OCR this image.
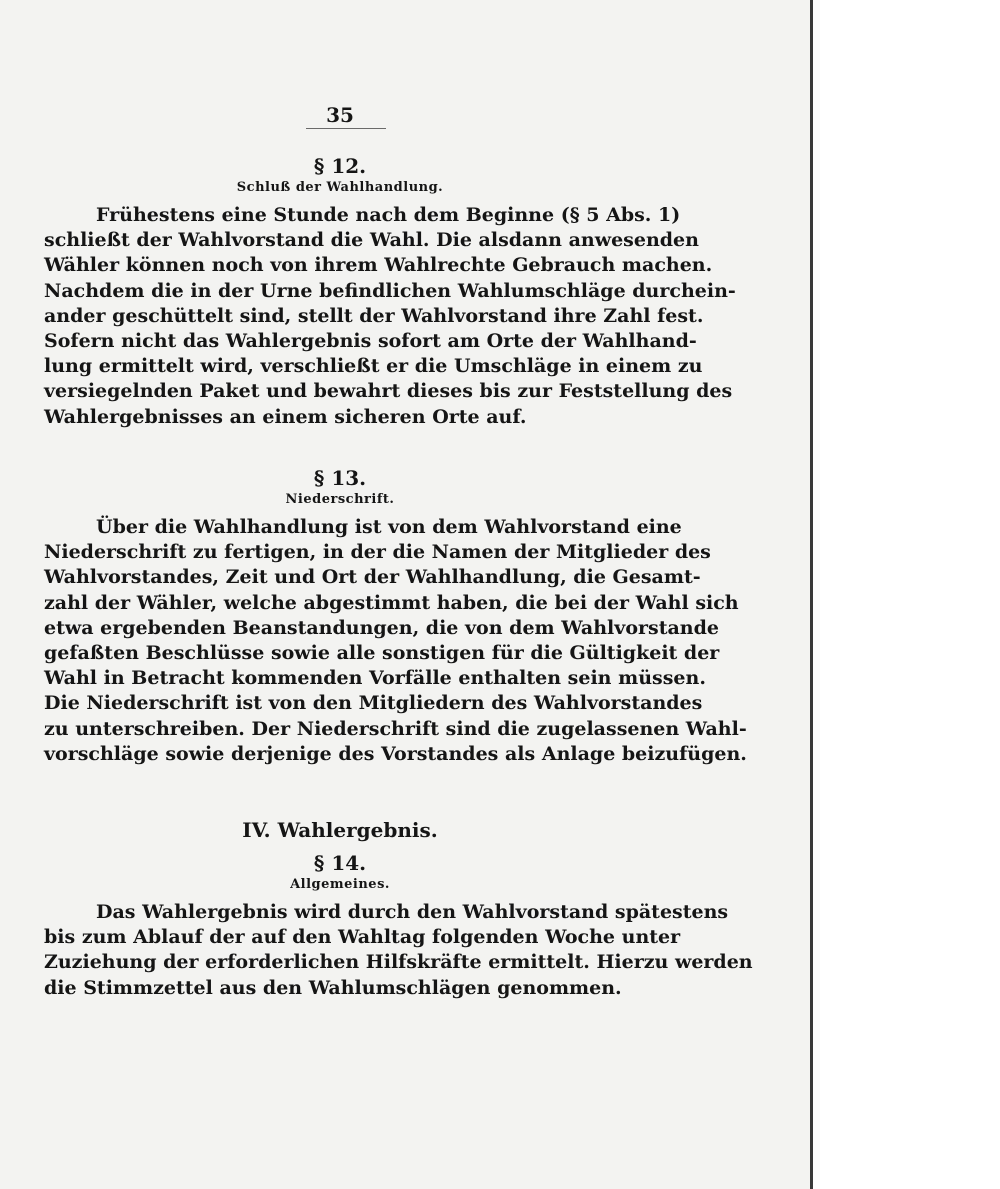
35
§ 12.
Schluß der Wahlhandlung.

Frühestens eine Stunde nach dem Beginne (§ 5 Abs. 1)
schließt der Wahlvorstand die Wahl. Die alsdann anwesenden
Wähler können noch von ihrem Wahlrechte Gebrauch machen.
Nachdem die in der Urne befindlichen Wahlumschläge durchein-
ander geschüttelt sind, stellt der Wahlvorstand ihre Zahl fest.
Sofern nicht das Wahlergebnis sofort am Orte der Wahlhand-
lung ermittelt wird, verschließt er die Umschläge in einem zu
versiegelnden Paket und bewahrt dieses bis zur Feststellung des
Wahlergebnisses an einem sicheren Orte auf.

§ 13.
Niederschrift.

Über die Wahlhandlung ist von dem Wahlvorstand eine
Niederschrift zu fertigen, in der die Namen der Mitglieder des
Wahlvorstandes, Zeit und Ort der Wahlhandlung, die Gesamt-
zahl der Wähler, welche abgestimmt haben, die bei der Wahl sich
etwa ergebenden Beanstandungen, die von dem Wahlvorstande
gefaßten Beschlüsse sowie alle sonstigen für die Gültigkeit der
Wahl in Betracht kommenden Vorfälle enthalten sein müssen.
Die Niederschrift ist von den Mitgliedern des Wahlvorstandes
zu unterschreiben. Der Niederschrift sind die zugelassenen Wahl-
vorschläge sowie derjenige des Vorstandes als Anlage beizufügen.

IV. Wahlergebnis.
§ 14.
Allgemeines.

Das Wahlergebnis wird durch den Wahlvorstand spätestens
bis zum Ablauf der auf den Wahltag folgenden Woche unter
Zuziehung der erforderlichen Hilfskräfte ermittelt. Hierzu werden
die Stimmzettel aus den Wahlumschlägen genommen.
